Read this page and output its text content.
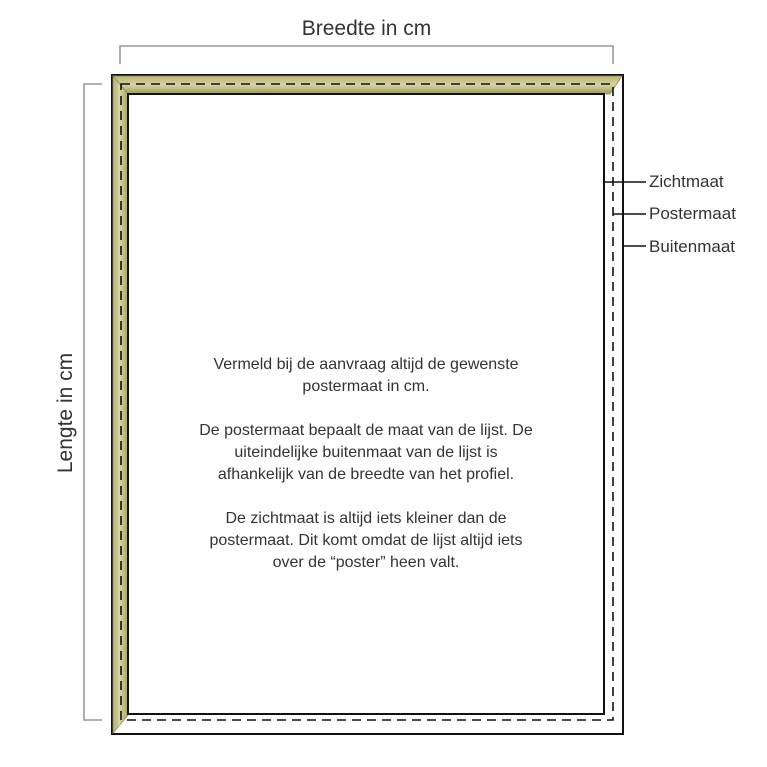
Breedte in cm
Lengte in cm
Zichtmaat
Postermaat
Buitenmaat

Vermeld bij de aanvraag altijd de gewenste postermaat in cm.

De postermaat bepaalt de maat van de lijst. De uiteindelijke buitenmaat van de lijst is afhankelijk van de breedte van het profiel.

De zichtmaat is altijd iets kleiner dan de postermaat. Dit komt omdat de lijst altijd iets over de “poster” heen valt.
